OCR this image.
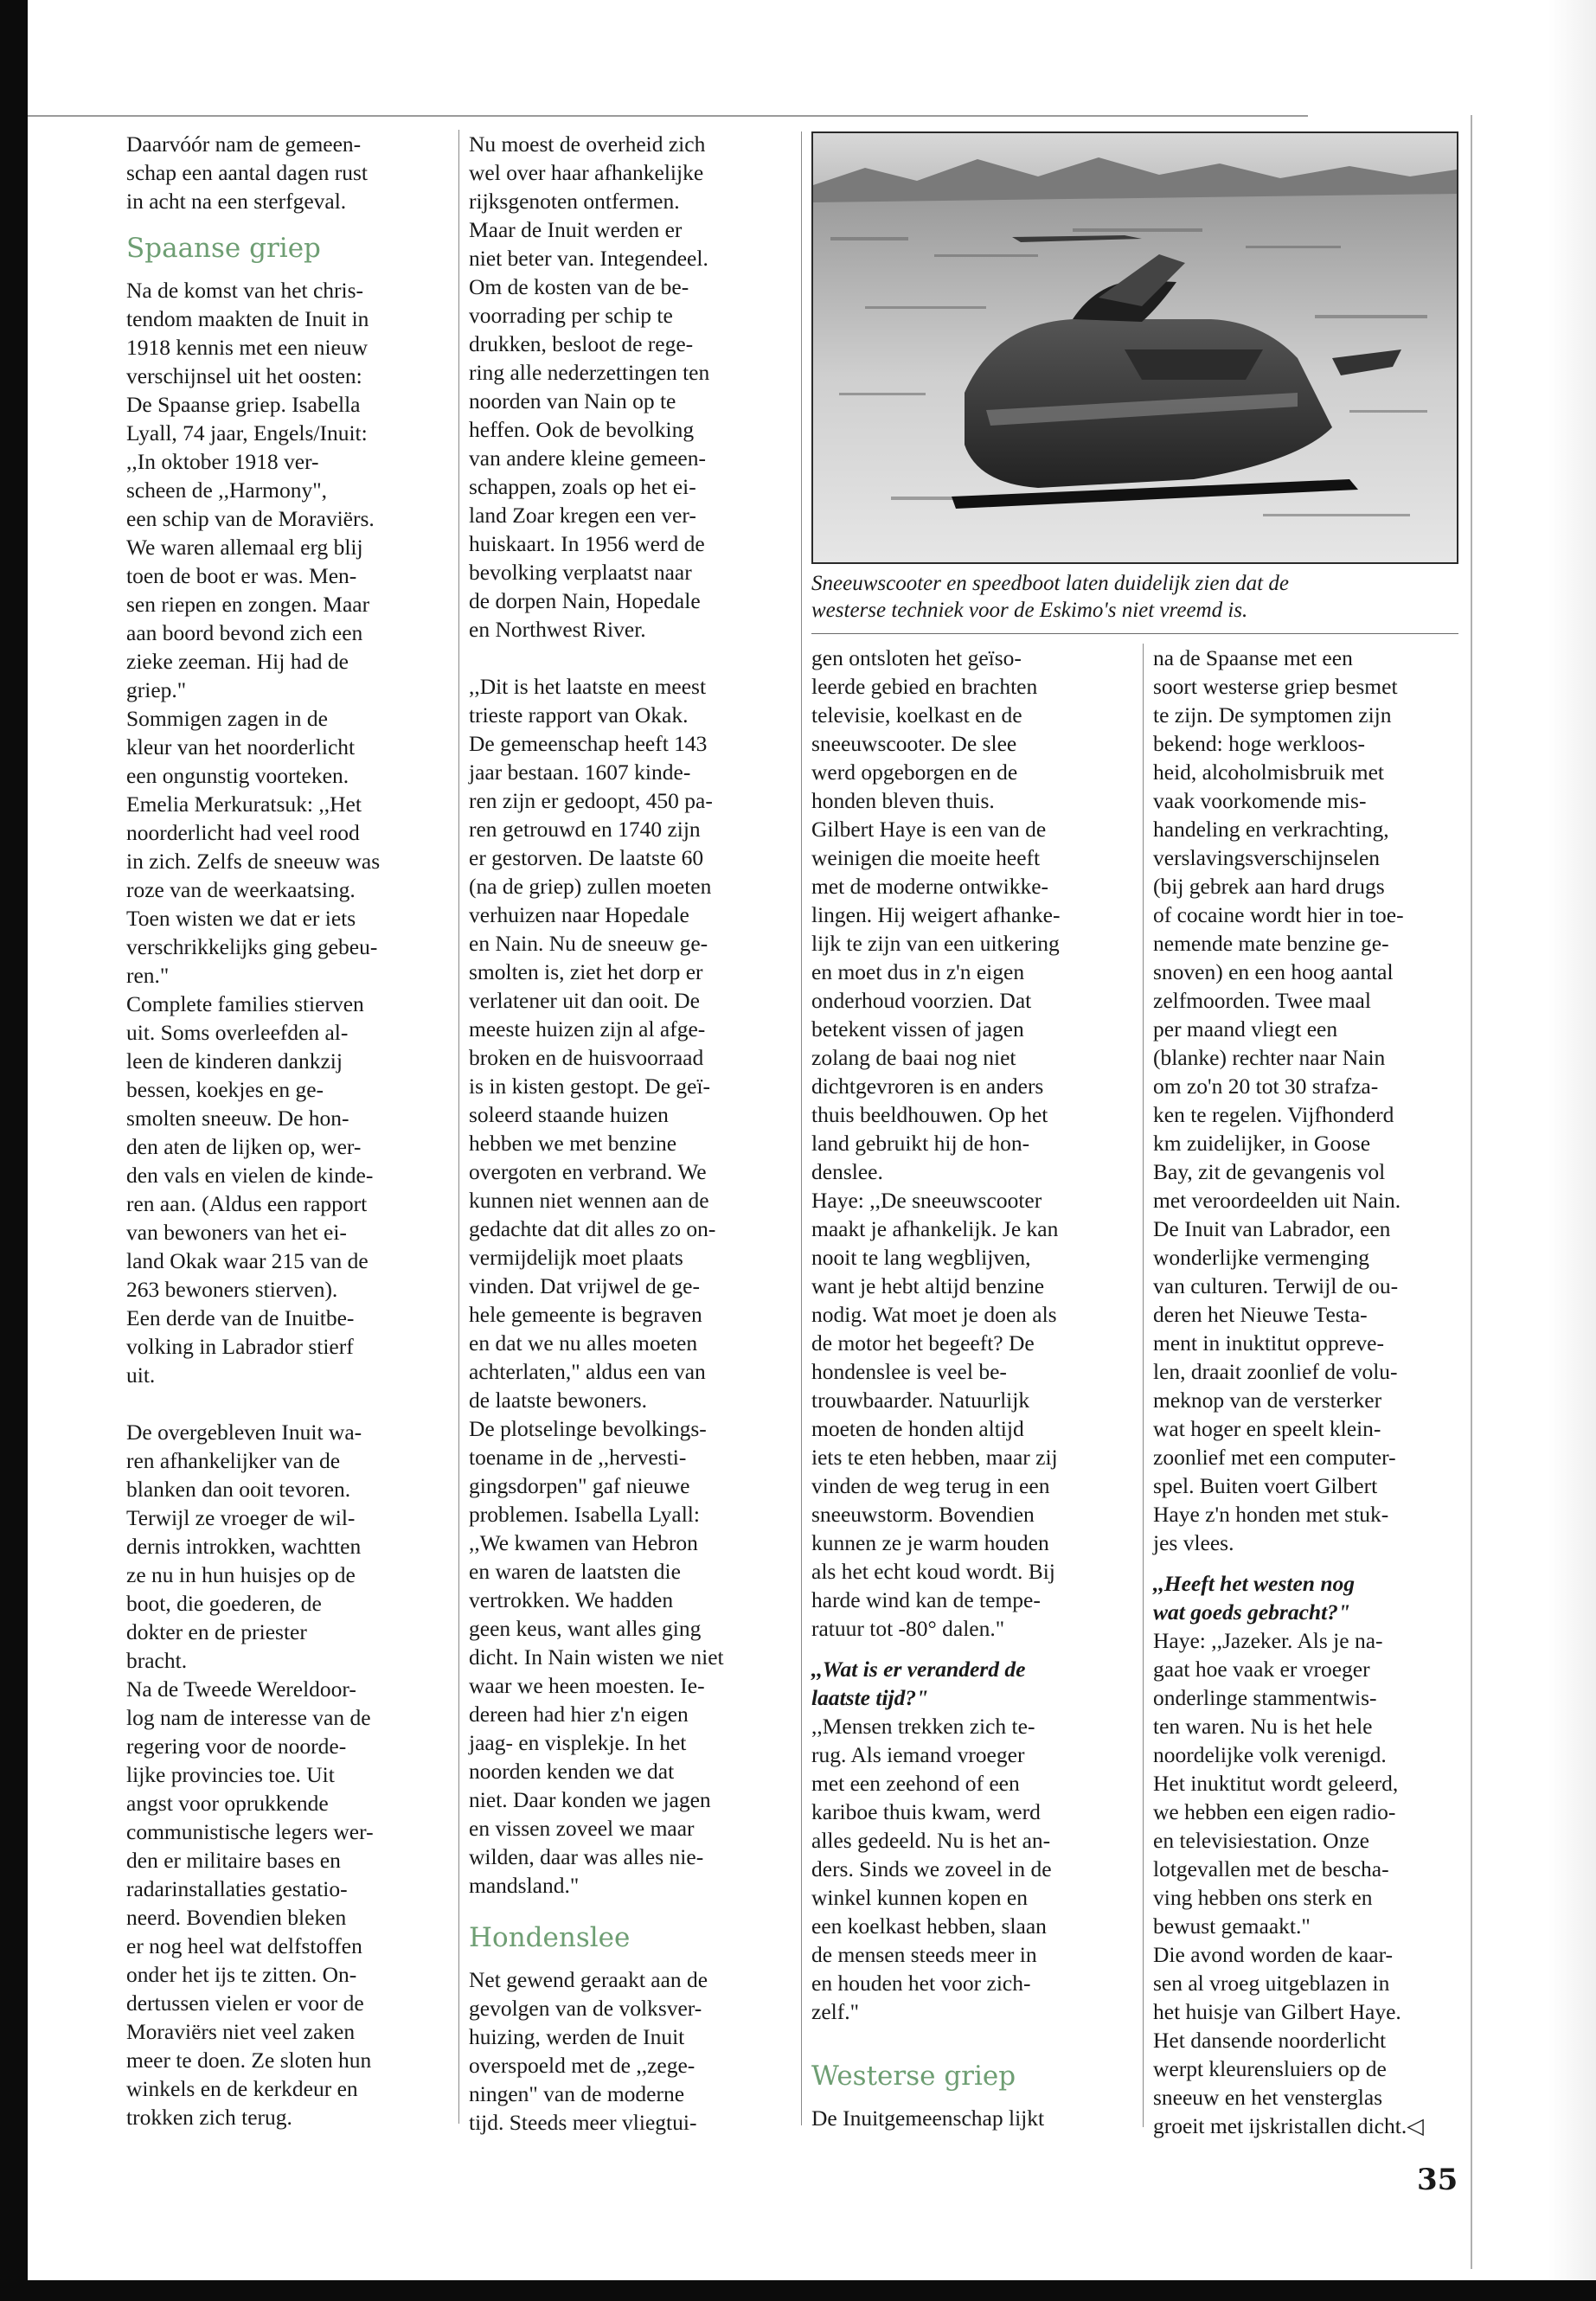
Daarvóór nam de gemeen-
schap een aantal dagen rust
in acht na een sterfgeval.
Spaanse griep
Na de komst van het chris-
tendom maakten de Inuit in
1918 kennis met een nieuw
verschijnsel uit het oosten:
De Spaanse griep. Isabella
Lyall, 74 jaar, Engels/Inuit:
,,In oktober 1918 ver-
scheen de ,,Harmony",
een schip van de Moraviërs.
We waren allemaal erg blij
toen de boot er was. Men-
sen riepen en zongen. Maar
aan boord bevond zich een
zieke zeeman. Hij had de
griep."
Sommigen zagen in de
kleur van het noorderlicht
een ongunstig voorteken.
Emelia Merkuratsuk: ,,Het
noorderlicht had veel rood
in zich. Zelfs de sneeuw was
roze van de weerkaatsing.
Toen wisten we dat er iets
verschrikkelijks ging gebeu-
ren."
Complete families stierven
uit. Soms overleefden al-
leen de kinderen dankzij
bessen, koekjes en ge-
smolten sneeuw. De hon-
den aten de lijken op, wer-
den vals en vielen de kinde-
ren aan. (Aldus een rapport
van bewoners van het ei-
land Okak waar 215 van de
263 bewoners stierven).
Een derde van de Inuitbe-
volking in Labrador stierf
uit.
De overgebleven Inuit wa-
ren afhankelijker van de
blanken dan ooit tevoren.
Terwijl ze vroeger de wil-
dernis introkken, wachtten
ze nu in hun huisjes op de
boot, die goederen, de
dokter en de priester
bracht.
Na de Tweede Wereldoor-
log nam de interesse van de
regering voor de noorde-
lijke provincies toe. Uit
angst voor oprukkende
communistische legers wer-
den er militaire bases en
radarinstallaties gestatio-
neerd. Bovendien bleken
er nog heel wat delfstoffen
onder het ijs te zitten. On-
dertussen vielen er voor de
Moraviërs niet veel zaken
meer te doen. Ze sloten hun
winkels en de kerkdeur en
trokken zich terug.
Nu moest de overheid zich
wel over haar afhankelijke
rijksgenoten ontfermen.
Maar de Inuit werden er
niet beter van. Integendeel.
Om de kosten van de be-
voorrading per schip te
drukken, besloot de rege-
ring alle nederzettingen ten
noorden van Nain op te
heffen. Ook de bevolking
van andere kleine gemeen-
schappen, zoals op het ei-
land Zoar kregen een ver-
huiskaart. In 1956 werd de
bevolking verplaatst naar
de dorpen Nain, Hopedale
en Northwest River.
,,Dit is het laatste en meest
trieste rapport van Okak.
De gemeenschap heeft 143
jaar bestaan. 1607 kinde-
ren zijn er gedoopt, 450 pa-
ren getrouwd en 1740 zijn
er gestorven. De laatste 60
(na de griep) zullen moeten
verhuizen naar Hopedale
en Nain. Nu de sneeuw ge-
smolten is, ziet het dorp er
verlatener uit dan ooit. De
meeste huizen zijn al afge-
broken en de huisvoorraad
is in kisten gestopt. De geï-
soleerd staande huizen
hebben we met benzine
overgoten en verbrand. We
kunnen niet wennen aan de
gedachte dat dit alles zo on-
vermijdelijk moet plaats
vinden. Dat vrijwel de ge-
hele gemeente is begraven
en dat we nu alles moeten
achterlaten," aldus een van
de laatste bewoners.
De plotselinge bevolkings-
toename in de ,,hervesti-
gingsdorpen" gaf nieuwe
problemen. Isabella Lyall:
,,We kwamen van Hebron
en waren de laatsten die
vertrokken. We hadden
geen keus, want alles ging
dicht. In Nain wisten we niet
waar we heen moesten. Ie-
dereen had hier z'n eigen
jaag- en visplekje. In het
noorden kenden we dat
niet. Daar konden we jagen
en vissen zoveel we maar
wilden, daar was alles nie-
mandsland."
Hondenslee
Net gewend geraakt aan de
gevolgen van de volksver-
huizing, werden de Inuit
overspoeld met de ,,zege-
ningen" van de moderne
tijd. Steeds meer vliegtui-
Sneeuwscooter en speedboot laten duidelijk zien dat de
westerse techniek voor de Eskimo's niet vreemd is.
gen ontsloten het geïso-
leerde gebied en brachten
televisie, koelkast en de
sneeuwscooter. De slee
werd opgeborgen en de
honden bleven thuis.
Gilbert Haye is een van de
weinigen die moeite heeft
met de moderne ontwikke-
lingen. Hij weigert afhanke-
lijk te zijn van een uitkering
en moet dus in z'n eigen
onderhoud voorzien. Dat
betekent vissen of jagen
zolang de baai nog niet
dichtgevroren is en anders
thuis beeldhouwen. Op het
land gebruikt hij de hon-
denslee.
Haye: ,,De sneeuwscooter
maakt je afhankelijk. Je kan
nooit te lang wegblijven,
want je hebt altijd benzine
nodig. Wat moet je doen als
de motor het begeeft? De
hondenslee is veel be-
trouwbaarder. Natuurlijk
moeten de honden altijd
iets te eten hebben, maar zij
vinden de weg terug in een
sneeuwstorm. Bovendien
kunnen ze je warm houden
als het echt koud wordt. Bij
harde wind kan de tempe-
ratuur tot -80° dalen."
,,Wat is er veranderd de
laatste tijd?"
,,Mensen trekken zich te-
rug. Als iemand vroeger
met een zeehond of een
kariboe thuis kwam, werd
alles gedeeld. Nu is het an-
ders. Sinds we zoveel in de
winkel kunnen kopen en
een koelkast hebben, slaan
de mensen steeds meer in
en houden het voor zich-
zelf."
Westerse griep
De Inuitgemeenschap lijkt
na de Spaanse met een
soort westerse griep besmet
te zijn. De symptomen zijn
bekend: hoge werkloos-
heid, alcoholmisbruik met
vaak voorkomende mis-
handeling en verkrachting,
verslavingsverschijnselen
(bij gebrek aan hard drugs
of cocaine wordt hier in toe-
nemende mate benzine ge-
snoven) en een hoog aantal
zelfmoorden. Twee maal
per maand vliegt een
(blanke) rechter naar Nain
om zo'n 20 tot 30 strafza-
ken te regelen. Vijfhonderd
km zuidelijker, in Goose
Bay, zit de gevangenis vol
met veroordeelden uit Nain.
De Inuit van Labrador, een
wonderlijke vermenging
van culturen. Terwijl de ou-
deren het Nieuwe Testa-
ment in inuktitut oppreve-
len, draait zoonlief de volu-
meknop van de versterker
wat hoger en speelt klein-
zoonlief met een computer-
spel. Buiten voert Gilbert
Haye z'n honden met stuk-
jes vlees.
,,Heeft het westen nog
wat goeds gebracht?"
Haye: ,,Jazeker. Als je na-
gaat hoe vaak er vroeger
onderlinge stammentwis-
ten waren. Nu is het hele
noordelijke volk verenigd.
Het inuktitut wordt geleerd,
we hebben een eigen radio-
en televisiestation. Onze
lotgevallen met de bescha-
ving hebben ons sterk en
bewust gemaakt."
Die avond worden de kaar-
sen al vroeg uitgeblazen in
het huisje van Gilbert Haye.
Het dansende noorderlicht
werpt kleurensluiers op de
sneeuw en het vensterglas
groeit met ijskristallen dicht.◁
35
